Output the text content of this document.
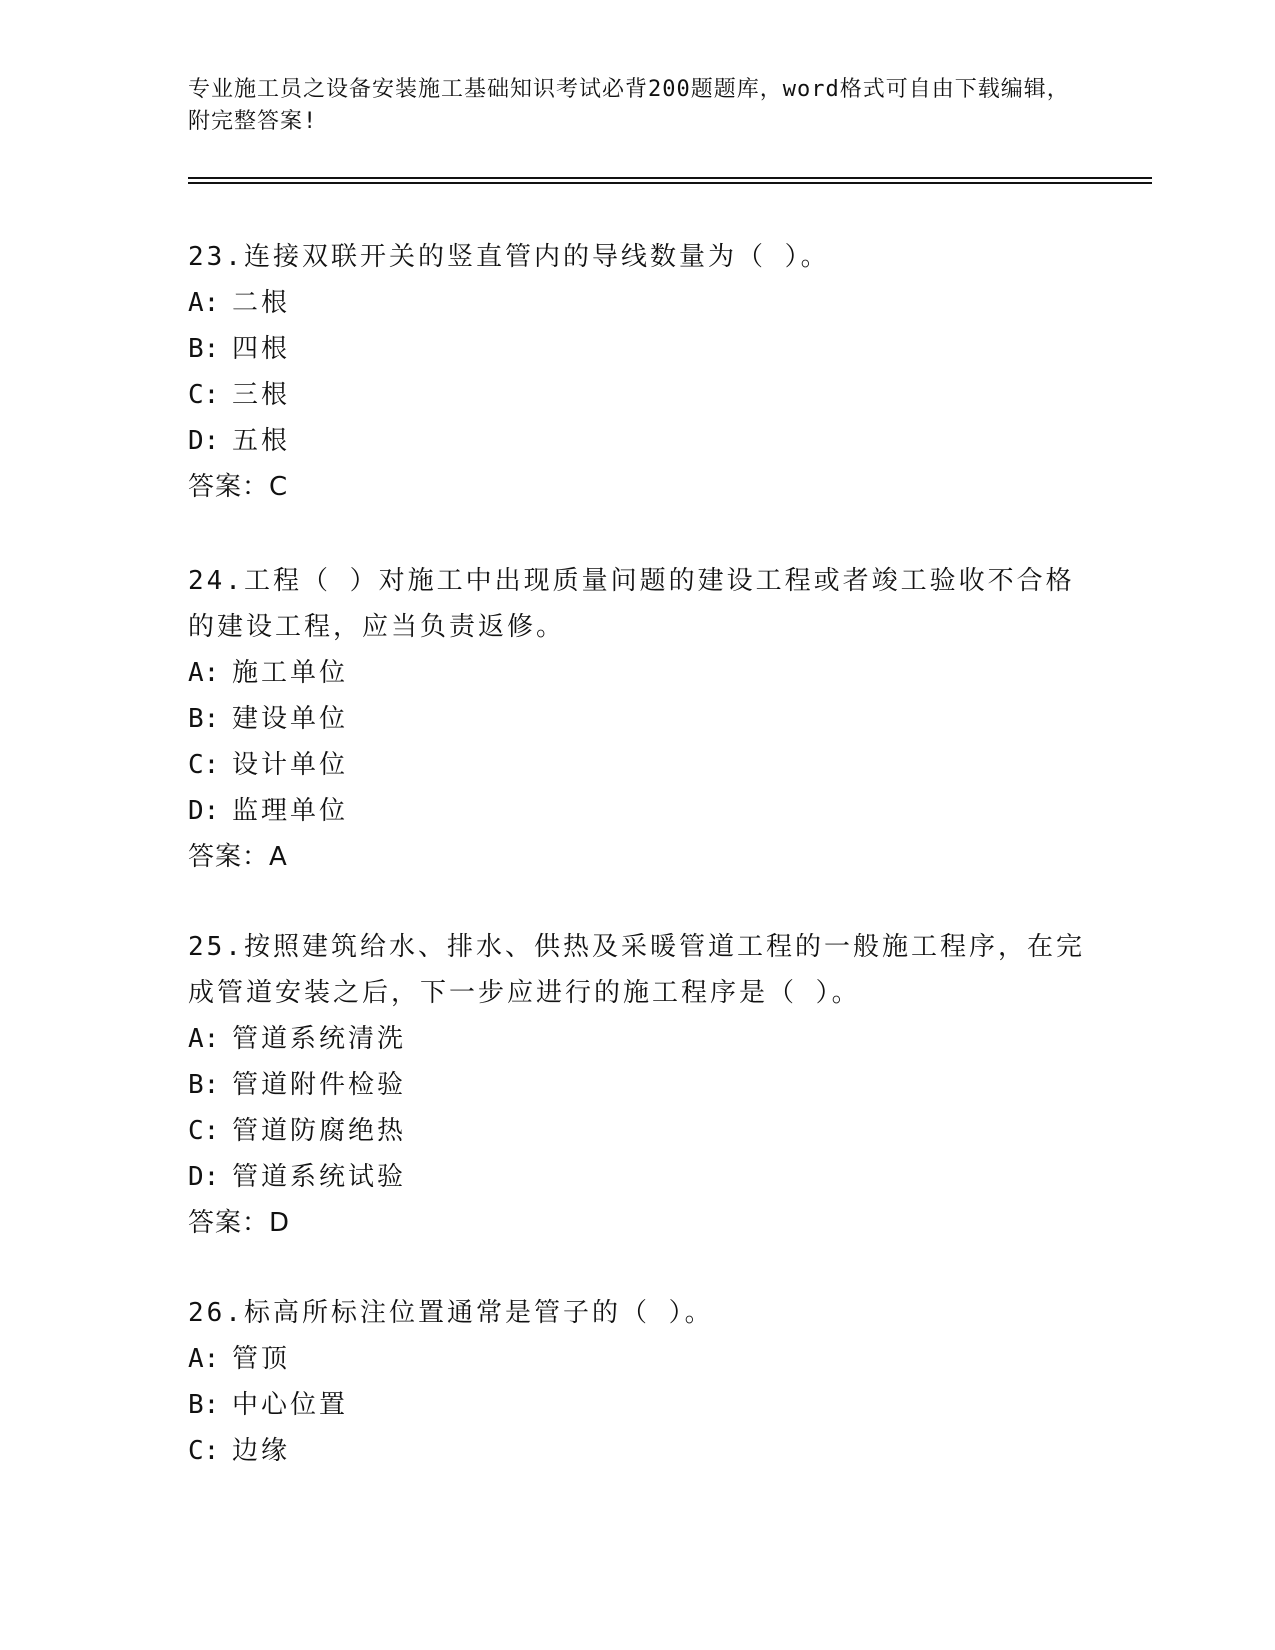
专业施工员之设备安装施工基础知识考试必背200题题库，word格式可自由下载编辑，附完整答案!

23.连接双联开关的竖直管内的导线数量为（ ）。

A: 二根

B: 四根

C: 三根

D: 五根

答案：C

24.工程（ ）对施工中出现质量问题的建设工程或者竣工验收不合格的建设工程，应当负责返修。

A: 施工单位

B: 建设单位

C: 设计单位

D: 监理单位

答案：A

25.按照建筑给水、排水、供热及采暖管道工程的一般施工程序，在完成管道安装之后，下一步应进行的施工程序是（ ）。

A: 管道系统清洗

B: 管道附件检验

C: 管道防腐绝热

D: 管道系统试验

答案：D

26.标高所标注位置通常是管子的（ ）。

A: 管顶

B: 中心位置

C: 边缘
